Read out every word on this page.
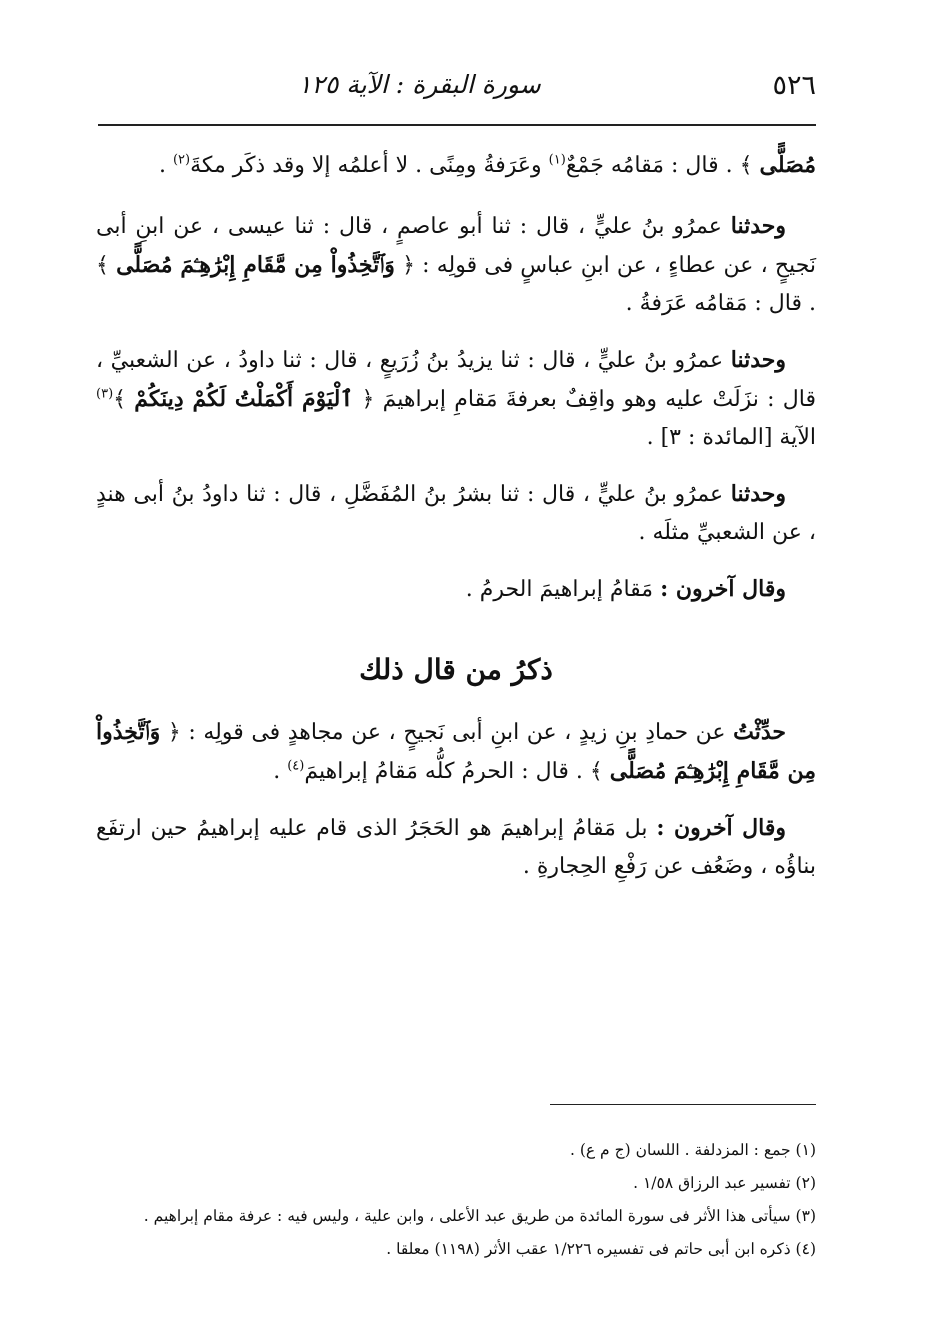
٥٢٦
سورة البقرة : الآية ١٢٥

مُصَلًّى ﴾ . قال : مَقامُه جَمْعٌ$^{(١)}$ وعَرَفةُ ومِنًى . لا أعلمُه إلا وقد ذكَر مكةَ$^{(٢)}$ .

وحدثنا عمرُو بنُ عليٍّ ، قال : ثنا أبو عاصمٍ ، قال : ثنا عيسى ، عن ابنِ أبى نَجيحٍ ، عن عطاءٍ ، عن ابنِ عباسٍ فى قولِه : ﴿ وَٱتَّخِذُواْ مِن مَّقَامِ إِبْرَٰهِـۧمَ مُصَلًّى ﴾ . قال : مَقامُه عَرَفةُ .

وحدثنا عمرُو بنُ عليٍّ ، قال : ثنا يزيدُ بنُ زُرَيعٍ ، قال : ثنا داودُ ، عن الشعبيِّ ، قال : نزَلَتْ عليه وهو واقِفٌ بعرفةَ مَقامِ إبراهيمَ ﴿ ٱلْيَوْمَ أَكْمَلْتُ لَكُمْ دِينَكُمْ ﴾$^{(٣)}$ الآية [المائدة : ٣] .

وحدثنا عمرُو بنُ عليٍّ ، قال : ثنا بشرُ بنُ المُفَضَّلِ ، قال : ثنا داودُ بنُ أبى هندٍ ، عن الشعبيِّ مثلَه .

وقال آخرون : مَقامُ إبراهيمَ الحرمُ .

ذكرُ من قال ذلك

حدِّثْتُ عن حمادِ بنِ زيدٍ ، عن ابنِ أبى نَجيحٍ ، عن مجاهدٍ فى قولِه : ﴿ وَٱتَّخِذُواْ مِن مَّقَامِ إِبْرَٰهِـۧمَ مُصَلًّى ﴾ . قال : الحرمُ كلُّه مَقامُ إبراهيمَ$^{(٤)}$ .

وقال آخرون : بل مَقامُ إبراهيمَ هو الحَجَرُ الذى قام عليه إبراهيمُ حين ارتفَع بناؤُه ، وضَعُف عن رَفْعِ الحِجارةِ .

(١) جمع : المزدلفة . اللسان (ج م ع) .

(٢) تفسير عبد الرزاق ١/٥٨ .

(٣) سيأتى هذا الأثر فى سورة المائدة من طريق عبد الأعلى ، وابن علية ، وليس فيه : عرفة مقام إبراهيم .

(٤) ذكره ابن أبى حاتم فى تفسيره ١/٢٢٦ عقب الأثر (١١٩٨) معلقا .
